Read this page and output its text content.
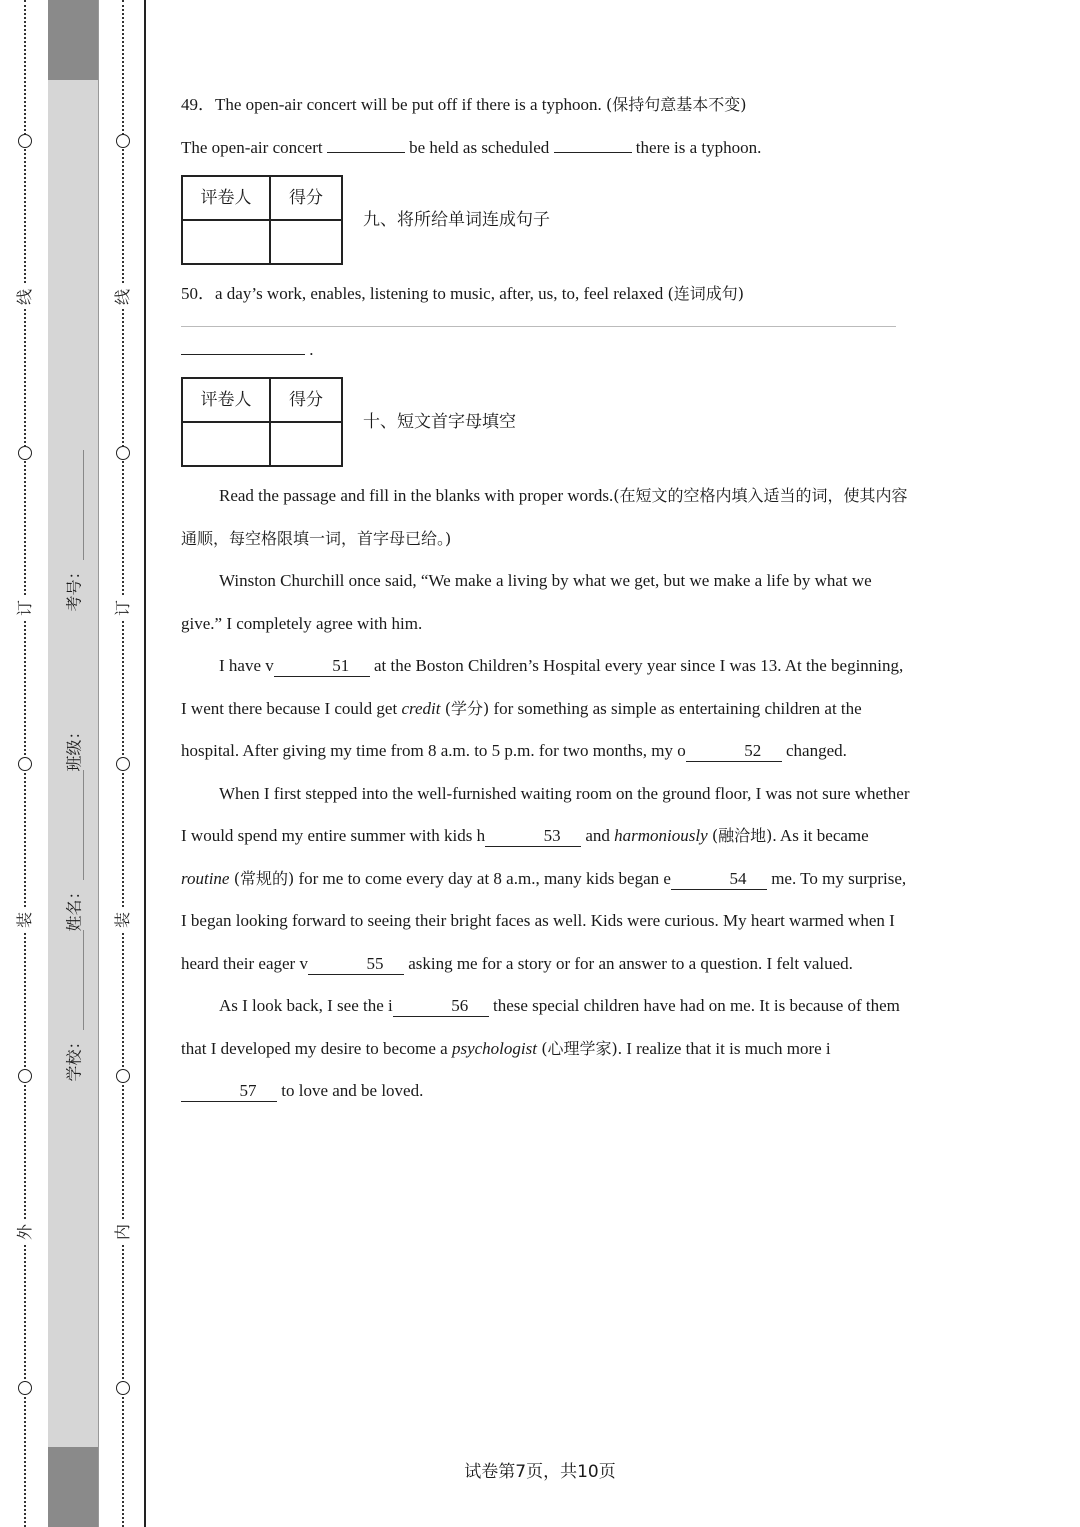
线
订
装
外
线
订
装
内
考号：
班级：
姓名：
学校：

49．The open-air concert will be put off if there is a typhoon. (保持句意基本不变)

The open-air concert	be held as scheduled	there is a typhoon.

评卷人	得分

九、将所给单词连成句子

50．a day’s work, enables, listening to music, after, us, to, feel relaxed (连词成句)

.

评卷人	得分

十、短文首字母填空

Read the passage and fill in the blanks with proper words.(在短文的空格内填入适当的词，使其内容通顺，每空格限填一词，首字母已给。)

Winston Churchill once said, “We make a living by what we get, but we make a life by what we give.” I completely agree with him.

I have v	51 at the Boston Children’s Hospital every year since I was 13. At the beginning, I went there because I could get credit (学分) for something as simple as entertaining children at the hospital. After giving my time from 8 a.m. to 5 p.m. for two months, my o	52 changed.

When I first stepped into the well-furnished waiting room on the ground floor, I was not sure whether I would spend my entire summer with kids h	53 and harmoniously (融洽地). As it became routine (常规的) for me to come every day at 8 a.m., many kids began e	54 me. To my surprise, I began looking forward to seeing their bright faces as well. Kids were curious. My heart warmed when I heard their eager v	55 asking me for a story or for an answer to a question. I felt valued.

As I look back, I see the i	56 these special children have had on me. It is because of them that I developed my desire to become a psychologist (心理学家). I realize that it is much more i57 to love and be loved.

试卷第7页，共10页
